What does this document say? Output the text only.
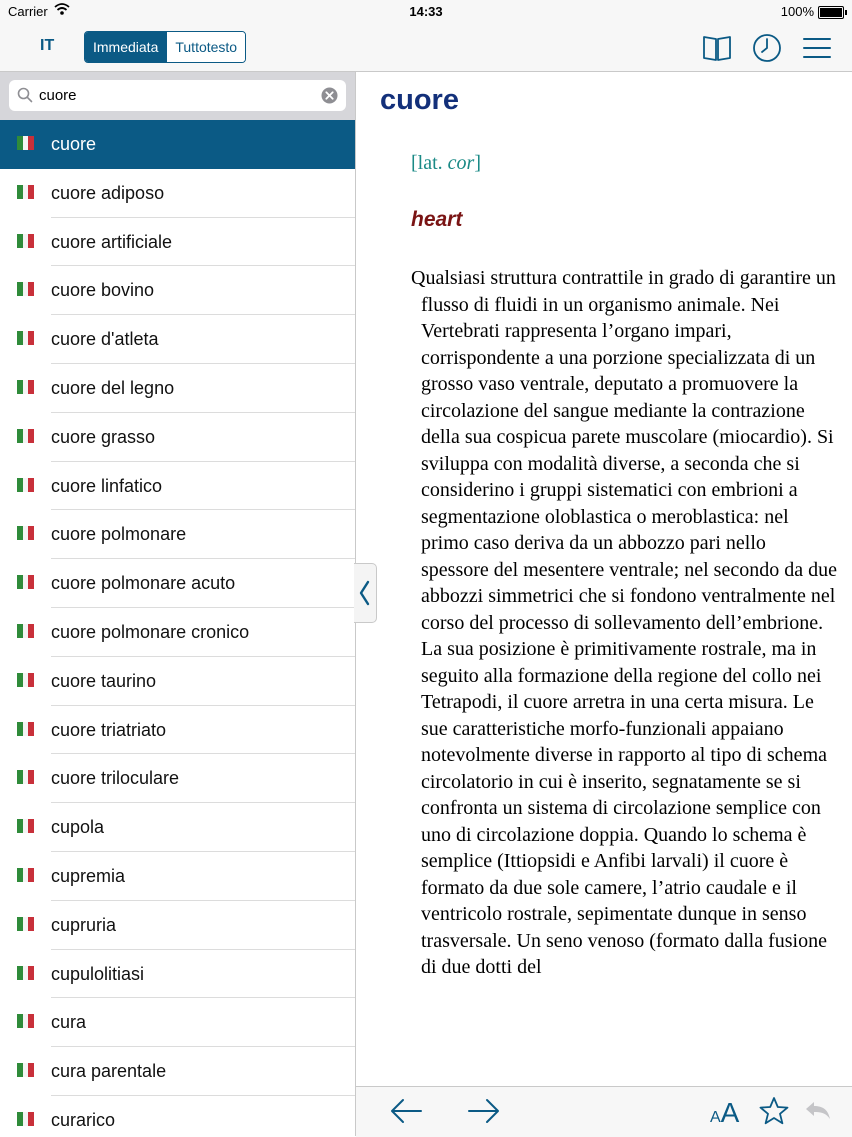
Carrier	14:33	100%
IT	Immediata	Tuttotesto
cuore
cuore
cuore adiposo
cuore artificiale
cuore bovino
cuore d'atleta
cuore del legno
cuore grasso
cuore linfatico
cuore polmonare
cuore polmonare acuto
cuore polmonare cronico
cuore taurino
cuore triatriato
cuore triloculare
cupola
cupremia
cupruria
cupulolitiasi
cura
cura parentale
curarico
cuore
[lat. cor]
heart

Qualsiasi struttura contrattile in grado di garantire un flusso di fluidi in un organismo animale. Nei Vertebrati rappresenta l’organo impari, corrispondente a una porzione specializzata di un grosso vaso ventrale, deputato a promuovere la circolazione del sangue mediante la contrazione della sua cospicua parete muscolare (miocardio). Si sviluppa con modalità diverse, a seconda che si considerino i gruppi sistematici con embrioni a segmentazione oloblastica o meroblastica: nel primo caso deriva da un abbozzo pari nello spessore del mesentere ventrale; nel secondo da due abbozzi simmetrici che si fondono ventralmente nel corso del processo di sollevamento dell’embrione. La sua posizione è primitivamente rostrale, ma in seguito alla formazione della regione del collo nei Tetrapodi, il cuore arretra in una certa misura. Le sue caratteristiche morfo-funzionali appaiano notevolmente diverse in rapporto al tipo di schema circolatorio in cui è inserito, segnatamente se si confronta un sistema di circolazione semplice con uno di circolazione doppia. Quando lo schema è semplice (Ittiopsidi e Anfibi larvali) il cuore è formato da due sole camere, l’atrio caudale e il ventricolo rostrale, sepimentate dunque in senso trasversale. Un seno venoso (formato dalla fusione di due dotti del

AA
